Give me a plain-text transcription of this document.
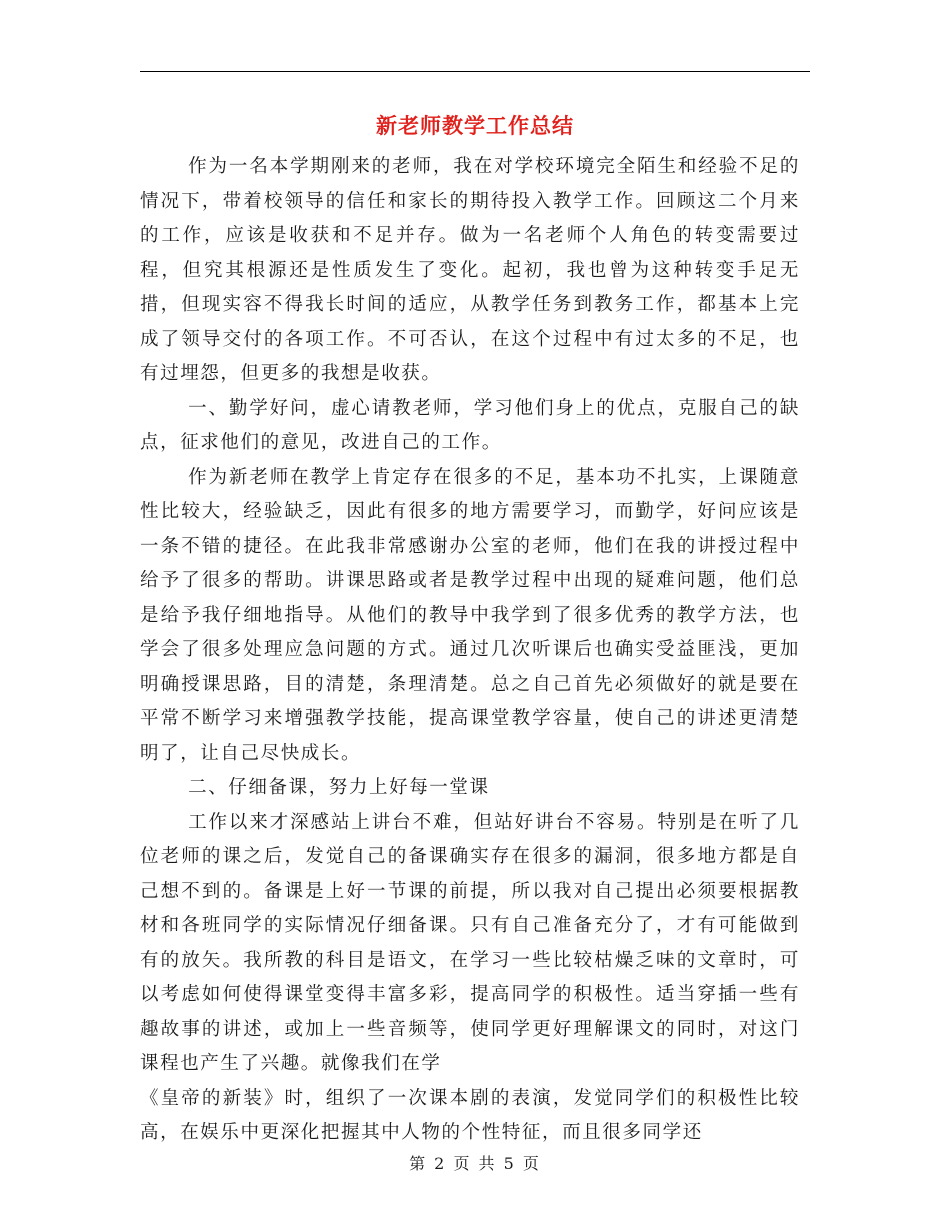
新老师教学工作总结

作为一名本学期刚来的老师，我在对学校环境完全陌生和经验不足的情况下，带着校领导的信任和家长的期待投入教学工作。回顾这二个月来的工作，应该是收获和不足并存。做为一名老师个人角色的转变需要过程，但究其根源还是性质发生了变化。起初，我也曾为这种转变手足无措，但现实容不得我长时间的适应，从教学任务到教务工作，都基本上完成了领导交付的各项工作。不可否认，在这个过程中有过太多的不足，也有过埋怨，但更多的我想是收获。

一、勤学好问，虚心请教老师，学习他们身上的优点，克服自己的缺点，征求他们的意见，改进自己的工作。

作为新老师在教学上肯定存在很多的不足，基本功不扎实，上课随意性比较大，经验缺乏，因此有很多的地方需要学习，而勤学，好问应该是一条不错的捷径。在此我非常感谢办公室的老师，他们在我的讲授过程中给予了很多的帮助。讲课思路或者是教学过程中出现的疑难问题，他们总是给予我仔细地指导。从他们的教导中我学到了很多优秀的教学方法，也学会了很多处理应急问题的方式。通过几次听课后也确实受益匪浅，更加明确授课思路，目的清楚，条理清楚。总之自己首先必须做好的就是要在平常不断学习来增强教学技能，提高课堂教学容量，使自己的讲述更清楚明了，让自己尽快成长。

二、仔细备课，努力上好每一堂课

工作以来才深感站上讲台不难，但站好讲台不容易。特别是在听了几位老师的课之后，发觉自己的备课确实存在很多的漏洞，很多地方都是自己想不到的。备课是上好一节课的前提，所以我对自己提出必须要根据教材和各班同学的实际情况仔细备课。只有自己准备充分了，才有可能做到有的放矢。我所教的科目是语文，在学习一些比较枯燥乏味的文章时，可以考虑如何使得课堂变得丰富多彩，提高同学的积极性。适当穿插一些有趣故事的讲述，或加上一些音频等，使同学更好理解课文的同时，对这门课程也产生了兴趣。就像我们在学

《皇帝的新装》时，组织了一次课本剧的表演，发觉同学们的积极性比较高，在娱乐中更深化把握其中人物的个性特征，而且很多同学还

第 2 页 共 5 页
